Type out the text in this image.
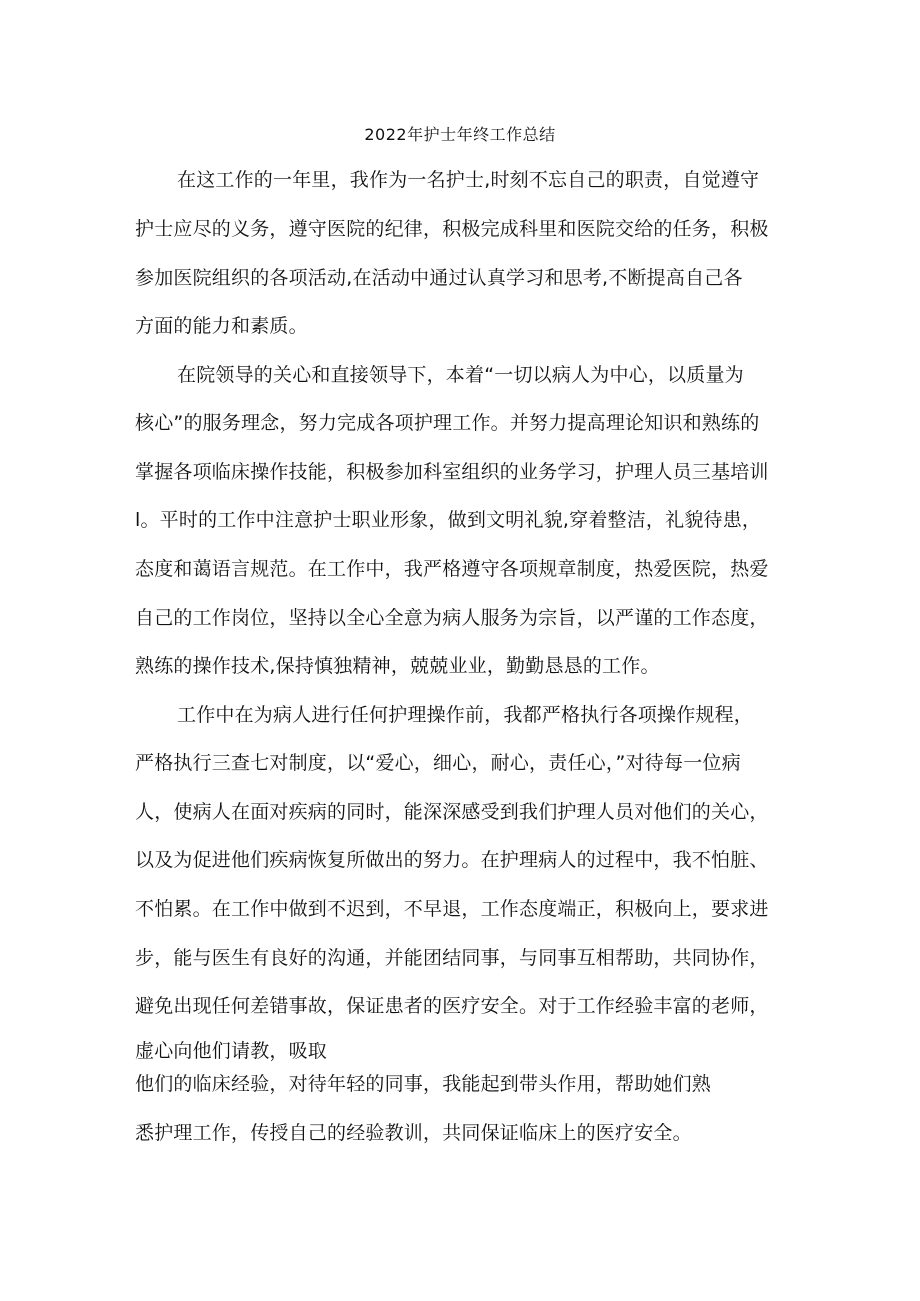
2022年护士年终工作总结
在这工作的一年里，我作为一名护士,时刻不忘自己的职责，自觉遵守
护士应尽的义务，遵守医院的纪律，积极完成科里和医院交给的任务，积极
参加医院组织的各项活动,在活动中通过认真学习和思考,不断提高自己各
方面的能力和素质。
在院领导的关心和直接领导下，本着“一切以病人为中心，以质量为
核心”的服务理念，努力完成各项护理工作。并努力提高理论知识和熟练的
掌握各项临床操作技能，积极参加科室组织的业务学习，护理人员三基培训
l。平时的工作中注意护士职业形象，做到文明礼貌,穿着整洁，礼貌待患，
态度和蔼语言规范。在工作中，我严格遵守各项规章制度，热爱医院，热爱
自己的工作岗位，坚持以全心全意为病人服务为宗旨，以严谨的工作态度，
熟练的操作技术,保持慎独精神，兢兢业业，勤勤恳恳的工作。
工作中在为病人进行任何护理操作前，我都严格执行各项操作规程，
严格执行三查七对制度，以“爱心，细心，耐心，责任心，”对待每一位病
人，使病人在面对疾病的同时，能深深感受到我们护理人员对他们的关心，
以及为促进他们疾病恢复所做出的努力。在护理病人的过程中，我不怕脏、
不怕累。在工作中做到不迟到，不早退，工作态度端正，积极向上，要求进
步，能与医生有良好的沟通，并能团结同事，与同事互相帮助，共同协作，
避免出现任何差错事故，保证患者的医疗安全。对于工作经验丰富的老师，
虚心向他们请教，吸取
他们的临床经验，对待年轻的同事，我能起到带头作用，帮助她们熟
悉护理工作，传授自己的经验教训，共同保证临床上的医疗安全。
